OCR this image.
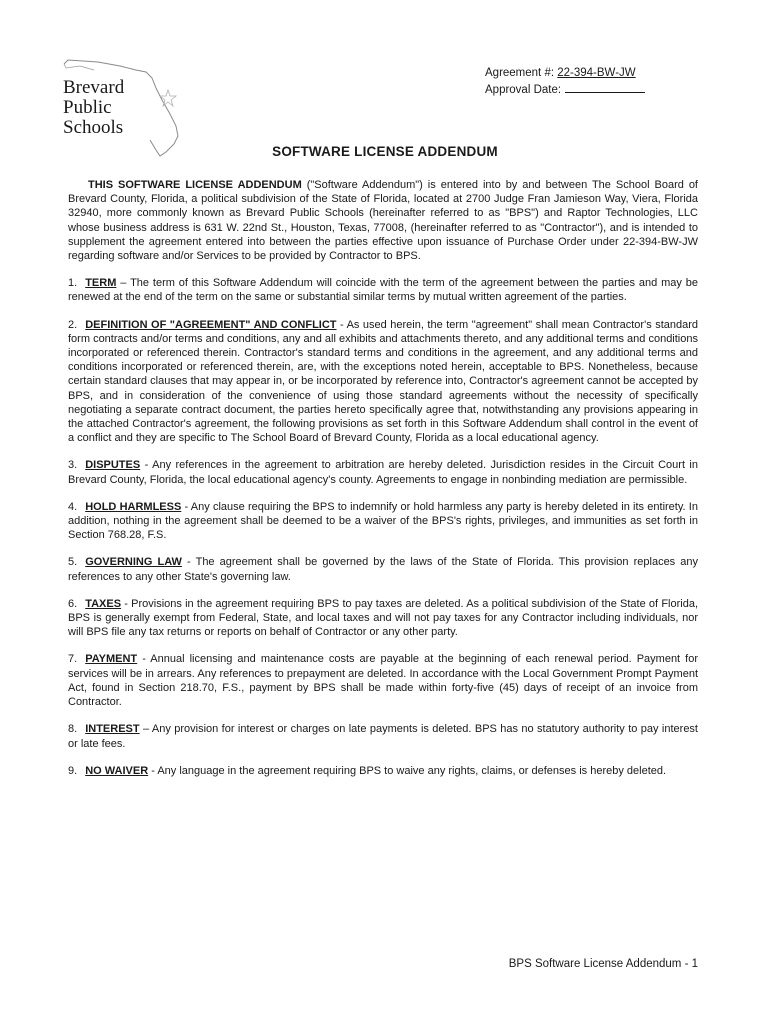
Brevard
Public
Schools
Agreement #: 22-394-BW-JW
Approval Date:
SOFTWARE LICENSE ADDENDUM

THIS SOFTWARE LICENSE ADDENDUM ("Software Addendum") is entered into by and between The School Board of Brevard County, Florida, a political subdivision of the State of Florida, located at 2700 Judge Fran Jamieson Way, Viera, Florida 32940, more commonly known as Brevard Public Schools (hereinafter referred to as "BPS") and Raptor Technologies, LLC whose business address is 631 W. 22nd St., Houston, Texas, 77008, (hereinafter referred to as "Contractor"), and is intended to supplement the agreement entered into between the parties effective upon issuance of Purchase Order under 22-394-BW-JW regarding software and/or Services to be provided by Contractor to BPS.

1. TERM – The term of this Software Addendum will coincide with the term of the agreement between the parties and may be renewed at the end of the term on the same or substantial similar terms by mutual written agreement of the parties.

2. DEFINITION OF "AGREEMENT" AND CONFLICT - As used herein, the term "agreement" shall mean Contractor's standard form contracts and/or terms and conditions, any and all exhibits and attachments thereto, and any additional terms and conditions incorporated or referenced therein. Contractor's standard terms and conditions in the agreement, and any additional terms and conditions incorporated or referenced therein, are, with the exceptions noted herein, acceptable to BPS. Nonetheless, because certain standard clauses that may appear in, or be incorporated by reference into, Contractor's agreement cannot be accepted by BPS, and in consideration of the convenience of using those standard agreements without the necessity of specifically negotiating a separate contract document, the parties hereto specifically agree that, notwithstanding any provisions appearing in the attached Contractor's agreement, the following provisions as set forth in this Software Addendum shall control in the event of a conflict and they are specific to The School Board of Brevard County, Florida as a local educational agency.

3. DISPUTES - Any references in the agreement to arbitration are hereby deleted. Jurisdiction resides in the Circuit Court in Brevard County, Florida, the local educational agency's county. Agreements to engage in nonbinding mediation are permissible.

4. HOLD HARMLESS - Any clause requiring the BPS to indemnify or hold harmless any party is hereby deleted in its entirety. In addition, nothing in the agreement shall be deemed to be a waiver of the BPS's rights, privileges, and immunities as set forth in Section 768.28, F.S.

5. GOVERNING LAW - The agreement shall be governed by the laws of the State of Florida. This provision replaces any references to any other State's governing law.

6. TAXES - Provisions in the agreement requiring BPS to pay taxes are deleted. As a political subdivision of the State of Florida, BPS is generally exempt from Federal, State, and local taxes and will not pay taxes for any Contractor including individuals, nor will BPS file any tax returns or reports on behalf of Contractor or any other party.

7. PAYMENT - Annual licensing and maintenance costs are payable at the beginning of each renewal period. Payment for services will be in arrears. Any references to prepayment are deleted. In accordance with the Local Government Prompt Payment Act, found in Section 218.70, F.S., payment by BPS shall be made within forty-five (45) days of receipt of an invoice from Contractor.

8. INTEREST – Any provision for interest or charges on late payments is deleted. BPS has no statutory authority to pay interest or late fees.

9. NO WAIVER - Any language in the agreement requiring BPS to waive any rights, claims, or defenses is hereby deleted.

BPS Software License Addendum - 1
